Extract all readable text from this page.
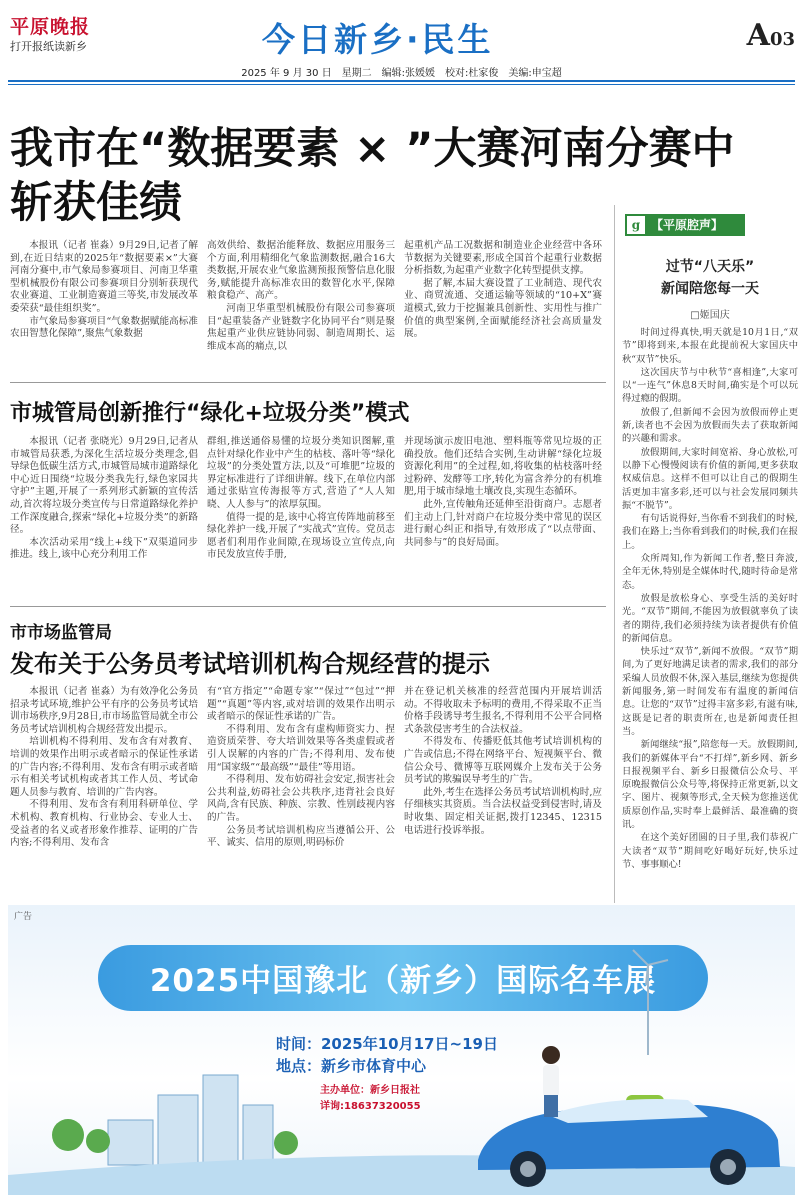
平原晚报
打开报纸读新乡	今日新乡·民生	A03
2025 年 9 月 30 日　星期二　编辑:张媛媛　校对:杜家俊　美编:申宝超
我市在“数据要素 × ”大赛河南分赛中
斩获佳绩

本报讯（记者 崔淼）9月29日,记者了解到,在近日结束的2025年“数据要素×”大赛河南分赛中,市气象局参赛项目、河南卫华重型机械股份有限公司参赛项目分别斩获现代农业赛道、工业制造赛道三等奖,市发展改革委荣获“最佳组织奖”。

市气象局参赛项目“气象数据赋能高标准农田智慧化保障”,聚焦气象数据

高效供给、数据治能释放、数据应用服务三个方面,利用精细化气象监测数据,融合16大类数据,开展农业气象监测预报预警信息化服务,赋能提升高标准农田的数智化水平,保障粮食稳产、高产。

河南卫华重型机械股份有限公司参赛项目“起重装备产业链数字化协同平台”则是聚焦起重产业供应链协同弱、制造周期长、运维成本高的痛点,以

起重机产品工况数据和制造业企业经营中各环节数据为关键要素,形成全国首个起重行业数据分析指数,为起重产业数字化转型提供支撑。

据了解,本届大赛设置了工业制造、现代农业、商贸流通、交通运输等领域的“10+X”赛道模式,致力于挖掘兼具创新性、实用性与推广价值的典型案例,全面赋能经济社会高质量发展。

市城管局创新推行“绿化+垃圾分类”模式

本报讯（记者 张晓光）9月29日,记者从市城管局获悉,为深化生活垃圾分类理念,倡导绿色低碳生活方式,市城管局城市道路绿化中心近日围绕“垃圾分类我先行,绿色家园共守护”主题,开展了一系列形式新颖的宣传活动,首次将垃圾分类宣传与日常道路绿化养护工作深度融合,探索“绿化+垃圾分类”的新路径。

本次活动采用“线上+线下”双渠道同步推进。线上,该中心充分利用工作

群组,推送通俗易懂的垃圾分类知识图解,重点针对绿化作业中产生的枯枝、落叶等“绿化垃圾”的分类处置方法,以及“可堆肥”垃圾的界定标准进行了详细讲解。线下,在单位内部通过张贴宣传海报等方式,营造了“人人知晓、人人参与”的浓厚氛围。

值得一提的是,该中心将宣传阵地前移至绿化养护一线,开展了“实战式”宣传。党员志愿者们利用作业间隙,在现场设立宣传点,向市民发放宣传手册,

并现场演示废旧电池、塑料瓶等常见垃圾的正确投放。他们还结合实例,生动讲解“绿化垃圾资源化利用”的全过程,如,将收集的枯枝落叶经过粉碎、发酵等工序,转化为富含养分的有机堆肥,用于城市绿地土壤改良,实现生态循环。

此外,宣传触角还延伸至沿街商户。志愿者们主动上门,针对商户在垃圾分类中常见的误区进行耐心纠正和指导,有效形成了“以点带面、共同参与”的良好局面。

市市场监管局
发布关于公务员考试培训机构合规经营的提示

本报讯（记者 崔淼）为有效净化公务员招录考试环境,维护公平有序的公务员考试培训市场秩序,9月28日,市市场监管局就全市公务员考试培训机构合规经营发出提示。

培训机构不得利用、发布含有对教育、培训的效果作出明示或者暗示的保证性承诺的广告内容;不得利用、发布含有明示或者暗示有相关考试机构或者其工作人员、考试命题人员参与教育、培训的广告内容。

不得利用、发布含有利用科研单位、学术机构、教育机构、行业协会、专业人士、受益者的名义或者形象作推荐、证明的广告内容;不得利用、发布含

有“官方指定”“命题专家”“保过”“包过”“押题”“真题”等内容,或对培训的效果作出明示或者暗示的保证性承诺的广告。

不得利用、发布含有虚构师资实力、捏造资质荣誉、夸大培训效果等各类虚假或者引人误解的内容的广告;不得利用、发布使用“国家级”“最高级”“最佳”等用语。

不得利用、发布妨碍社会安定,损害社会公共利益,妨碍社会公共秩序,违背社会良好风尚,含有民族、种族、宗教、性别歧视内容的广告。

公务员考试培训机构应当遵循公开、公平、诚实、信用的原则,明码标价

并在登记机关核准的经营范围内开展培训活动。不得收取未予标明的费用,不得采取不正当价格手段诱导考生报名,不得利用不公平合同格式条款侵害考生的合法权益。

不得发布、传播贬低其他考试培训机构的广告或信息;不得在网络平台、短视频平台、微信公众号、微博等互联网媒介上发布关于公务员考试的欺骗误导考生的广告。

此外,考生在选择公务员考试培训机构时,应仔细核实其资质。当合法权益受到侵害时,请及时收集、固定相关证据,拨打12345、12315电话进行投诉举报。

【平原腔声】
g
过节“八天乐”
新闻陪您每一天
□姬国庆

时间过得真快,明天就是10月1日,“双节”即将到来,本报在此提前祝大家国庆中秋“双节”快乐。

这次国庆节与中秋节“喜相逢”,大家可以“一连气”休息8天时间,确实是个可以玩得过瘾的假期。

放假了,但新闻不会因为放假而停止更新,读者也不会因为放假而失去了获取新闻的兴趣和需求。

放假期间,大家时间宽裕、身心放松,可以静下心慢慢阅读有价值的新闻,更多获取权威信息。这样不但可以让自己的假期生活更加丰富多彩,还可以与社会发展同频共振“不脱节”。

有句话说得好,当你看不到我们的时候,我们在路上;当你看到我们的时候,我们在报上。

众所周知,作为新闻工作者,整日奔波,全年无休,特别是全媒体时代,随时待命是常态。

放假是放松身心、享受生活的美好时光。“双节”期间,不能因为放假就辜负了读者的期待,我们必须持续为读者提供有价值的新闻信息。

快乐过“双节”,新闻不放假。“双节”期间,为了更好地满足读者的需求,我们的部分采编人员放假不休,深入基层,继续为您提供新闻服务,第一时间发布有温度的新闻信息。让您的“双节”过得丰富多彩,有滋有味,这既是记者的职责所在,也是新闻责任担当。

新闻继续“报”,陪您每一天。放假期间,我们的新媒体平台“不打烊”,新乡网、新乡日报视频平台、新乡日报微信公众号、平原晚报微信公众号等,将保持正常更新,以文字、图片、视频等形式,全天候为您推送优质原创作品,实时奉上最鲜活、最准确的资讯。

在这个美好团圆的日子里,我们恭祝广大读者“双节”期间吃好喝好玩好,快乐过节、事事顺心!

广告
2025中国豫北（新乡）国际名车展
时间：2025年10月17日~19日
地点：新乡市体育中心
主办单位：新乡日报社
详询:18637320055
